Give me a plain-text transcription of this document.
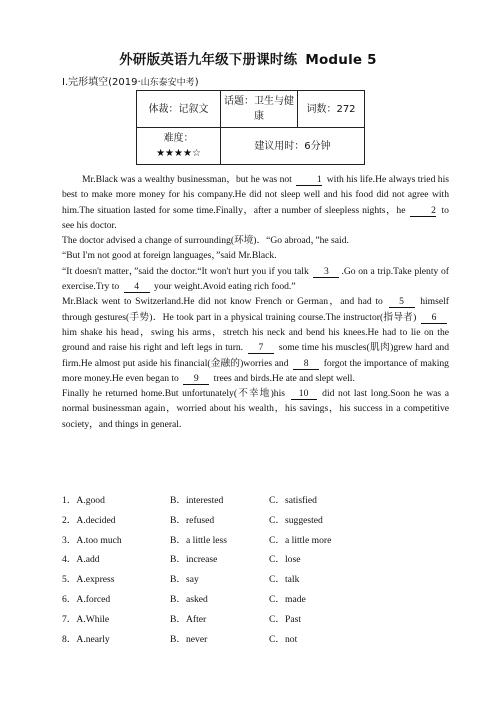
外研版英语九年级下册课时练 Module 5
Ⅰ.完形填空(2019·山东泰安中考)
体裁：记叙文	话题：卫生与健康	词数：272

难度：
★★★★☆	建议用时：6分钟	

Mr.Black was a wealthy businessman，but he was not	1 with his life.He always tried his best to make more money for his company.He did not sleep well and his food did not agree with him.The situation lasted for some time.Finally，after a number of sleepless nights，he	2 to see his doctor.

The doctor advised a change of surrounding(环境)．“Go abroad，”he said.

“But I'm not good at foreign languages，”said Mr.Black.

“It doesn't matter，”said the doctor.“It won't hurt you if you talk 3 .Go on a trip.Take plenty of exercise.Try to 4 your weight.Avoid eating rich food.”

Mr.Black went to Switzerland.He did not know French or German，and had to 5 himself through gestures(手势)．He took part in a physical training course.The instructor(指导者) 6 him shake his head，swing his arms，stretch his neck and bend his knees.He had to lie on the ground and raise his right and left legs in turn. 7 some time his muscles(肌肉)grew hard and firm.He almost put aside his financial(金融的)worries and 8 forgot the importance of making more money.He even began to 9 trees and birds.He ate and slept well.

Finally he returned home.But unfortunately(不幸地)his 10 did not last long.Soon he was a normal businessman again，worried about his wealth，his savings，his success in a competitive society，and things in general.

1．A.good	B．interested	C．satisfied
2．A.decided	B．refused	C．suggested
3．A.too much	B．a little less	C．a little more
4．A.add	B．increase	C．lose
5．A.express	B．say	C．talk
6．A.forced	B．asked	C．made
7．A.While	B．After	C．Past
8．A.nearly	B．never	C．not
